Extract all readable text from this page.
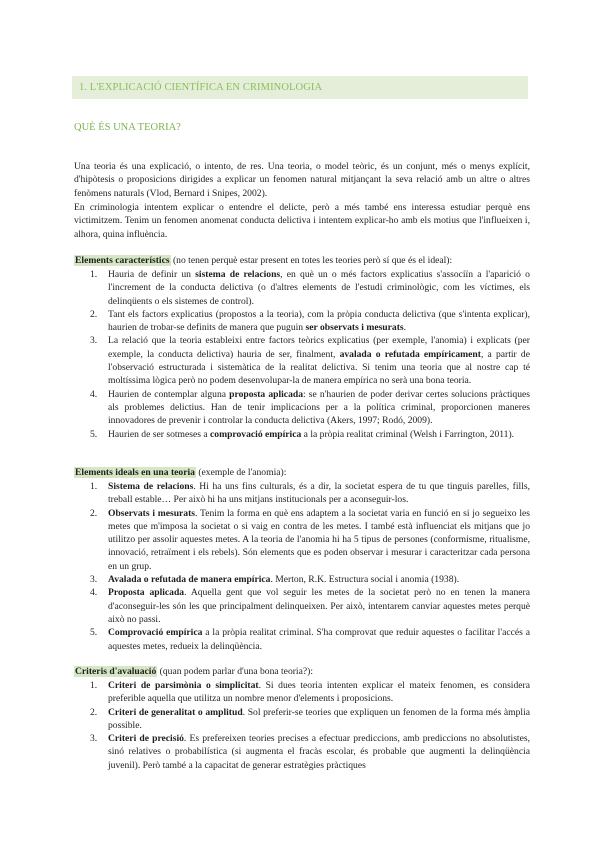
1. L'EXPLICACIÓ CIENTÍFICA EN CRIMINOLOGIA
QUÈ ÉS UNA TEORIA?
Una teoria és una explicació, o intento, de res. Una teoria, o model teòric, és un conjunt, més o menys explícit, d'hipòtesis o proposicions dirigides a explicar un fenomen natural mitjançant la seva relació amb un altre o altres fenòmens naturals (Vlod, Bernard i Snipes, 2002).
En criminologia intentem explicar o entendre el delicte, però a més també ens interessa estudiar perquè ens victimitzem. Tenim un fenomen anomenat conducta delictiva i intentem explicar-ho amb els motius que l'influeixen i, alhora, quina influència.
Elements característics (no tenen perquè estar present en totes les teories però sí que és el ideal):
1. Hauria de definir un sistema de relacions, en què un o més factors explicatius s'associïn a l'aparició o l'increment de la conducta delictiva (o d'altres elements de l'estudi criminològic, com les víctimes, els delinqüents o els sistemes de control).
2. Tant els factors explicatius (propostos a la teoria), com la pròpia conducta delictiva (que s'intenta explicar), haurien de trobar-se definits de manera que puguin ser observats i mesurats.
3. La relació que la teoria estableixi entre factors teòrics explicatius (per exemple, l'anomia) i explicats (per exemple, la conducta delictiva) hauria de ser, finalment, avalada o refutada empíricament, a partir de l'observació estructurada i sistemàtica de la realitat delictiva. Si tenim una teoria que al nostre cap té moltíssima lògica però no podem desenvolupar-la de manera empírica no serà una bona teoria.
4. Haurien de contemplar alguna proposta aplicada: se n'haurien de poder derivar certes solucions pràctiques als problemes delictius. Han de tenir implicacions per a la política criminal, proporcionen maneres innovadores de prevenir i controlar la conducta delictiva (Akers, 1997; Rodó, 2009).
5. Haurien de ser sotmeses a comprovació empírica a la pròpia realitat criminal (Welsh i Farrington, 2011).
Elements ideals en una teoria (exemple de l'anomia):
1. Sistema de relacions. Hi ha uns fins culturals, és a dir, la societat espera de tu que tinguis parelles, fills, treball estable… Per això hi ha uns mitjans institucionals per a aconseguir-los.
2. Observats i mesurats. Tenim la forma en què ens adaptem a la societat varia en funció en si jo segueixo les metes que m'imposa la societat o si vaig en contra de les metes. I també està influenciat els mitjans que jo utilitzo per assolir aquestes metes. A la teoria de l'anomia hi ha 5 tipus de persones (conformisme, ritualisme, innovació, retraïment i els rebels). Són elements que es poden observar i mesurar i caracteritzar cada persona en un grup.
3. Avalada o refutada de manera empírica. Merton, R.K. Estructura social i anomia (1938).
4. Proposta aplicada. Aquella gent que vol seguir les metes de la societat però no en tenen la manera d'aconseguir-les són les que principalment delinqueixen. Per això, intentarem canviar aquestes metes perquè això no passi.
5. Comprovació empírica a la pròpia realitat criminal. S'ha comprovat que reduir aquestes o facilitar l'accés a aquestes metes, redueix la delinqüència.
Criteris d'avaluació (quan podem parlar d'una bona teoria?):
1. Criteri de parsimònia o simplicitat. Si dues teoria intenten explicar el mateix fenomen, es considera preferible aquella que utilitza un nombre menor d'elements i proposicions.
2. Criteri de generalitat o amplitud. Sol preferir-se teories que expliquen un fenomen de la forma més àmplia possible.
3. Criteri de precisió. Es prefereixen teories precises a efectuar prediccions, amb prediccions no absolutistes, sinó relatives o probabilística (si augmenta el fracàs escolar, és probable que augmenti la delinqüència juvenil). Però també a la capacitat de generar estratègies pràctiques
